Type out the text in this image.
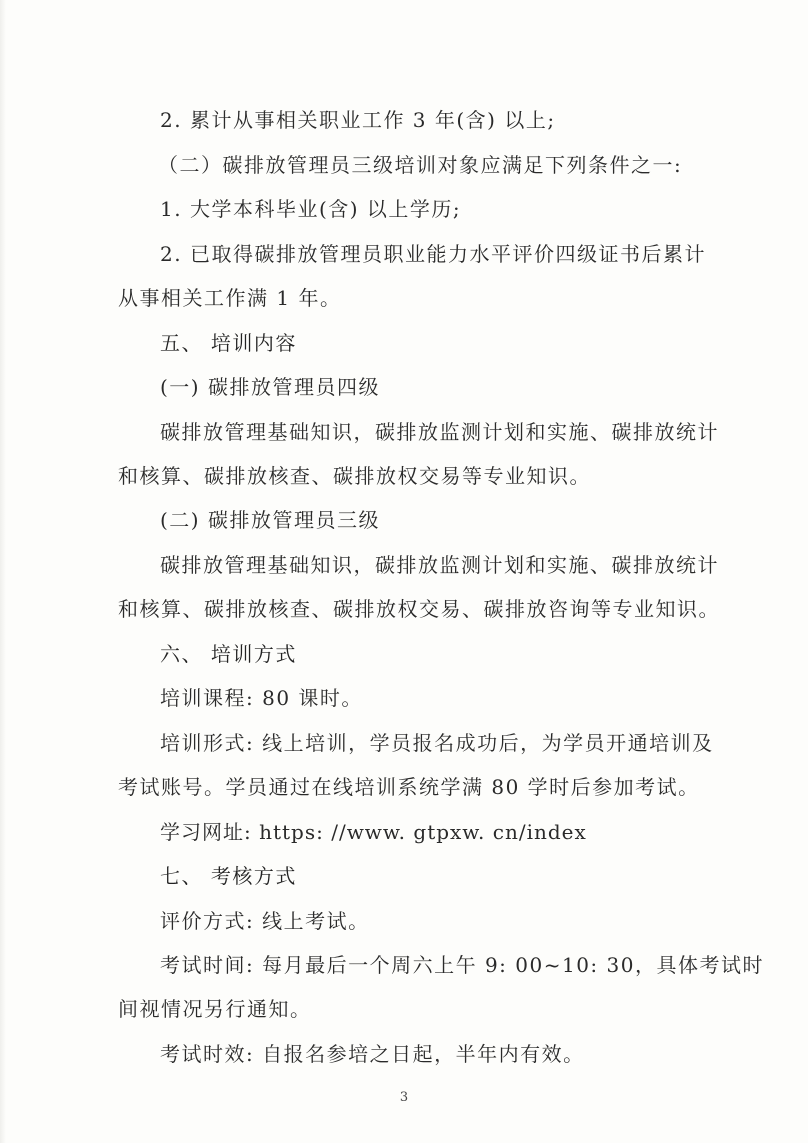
2. 累计从事相关职业工作 3 年(含) 以上;
（二）碳排放管理员三级培训对象应满足下列条件之一:
1. 大学本科毕业(含) 以上学历;
2. 已取得碳排放管理员职业能力水平评价四级证书后累计
从事相关工作满 1 年。
五、 培训内容
(一) 碳排放管理员四级
碳排放管理基础知识，碳排放监测计划和实施、碳排放统计
和核算、碳排放核查、碳排放权交易等专业知识。
(二) 碳排放管理员三级
碳排放管理基础知识，碳排放监测计划和实施、碳排放统计
和核算、碳排放核查、碳排放权交易、碳排放咨询等专业知识。
六、 培训方式
培训课程: 80 课时。
培训形式: 线上培训，学员报名成功后，为学员开通培训及
考试账号。学员通过在线培训系统学满 80 学时后参加考试。
学习网址: https: //www. gtpxw. cn/index
七、 考核方式
评价方式: 线上考试。
考试时间: 每月最后一个周六上午 9: 00~10: 30，具体考试时
间视情况另行通知。
考试时效: 自报名参培之日起，半年内有效。
3
